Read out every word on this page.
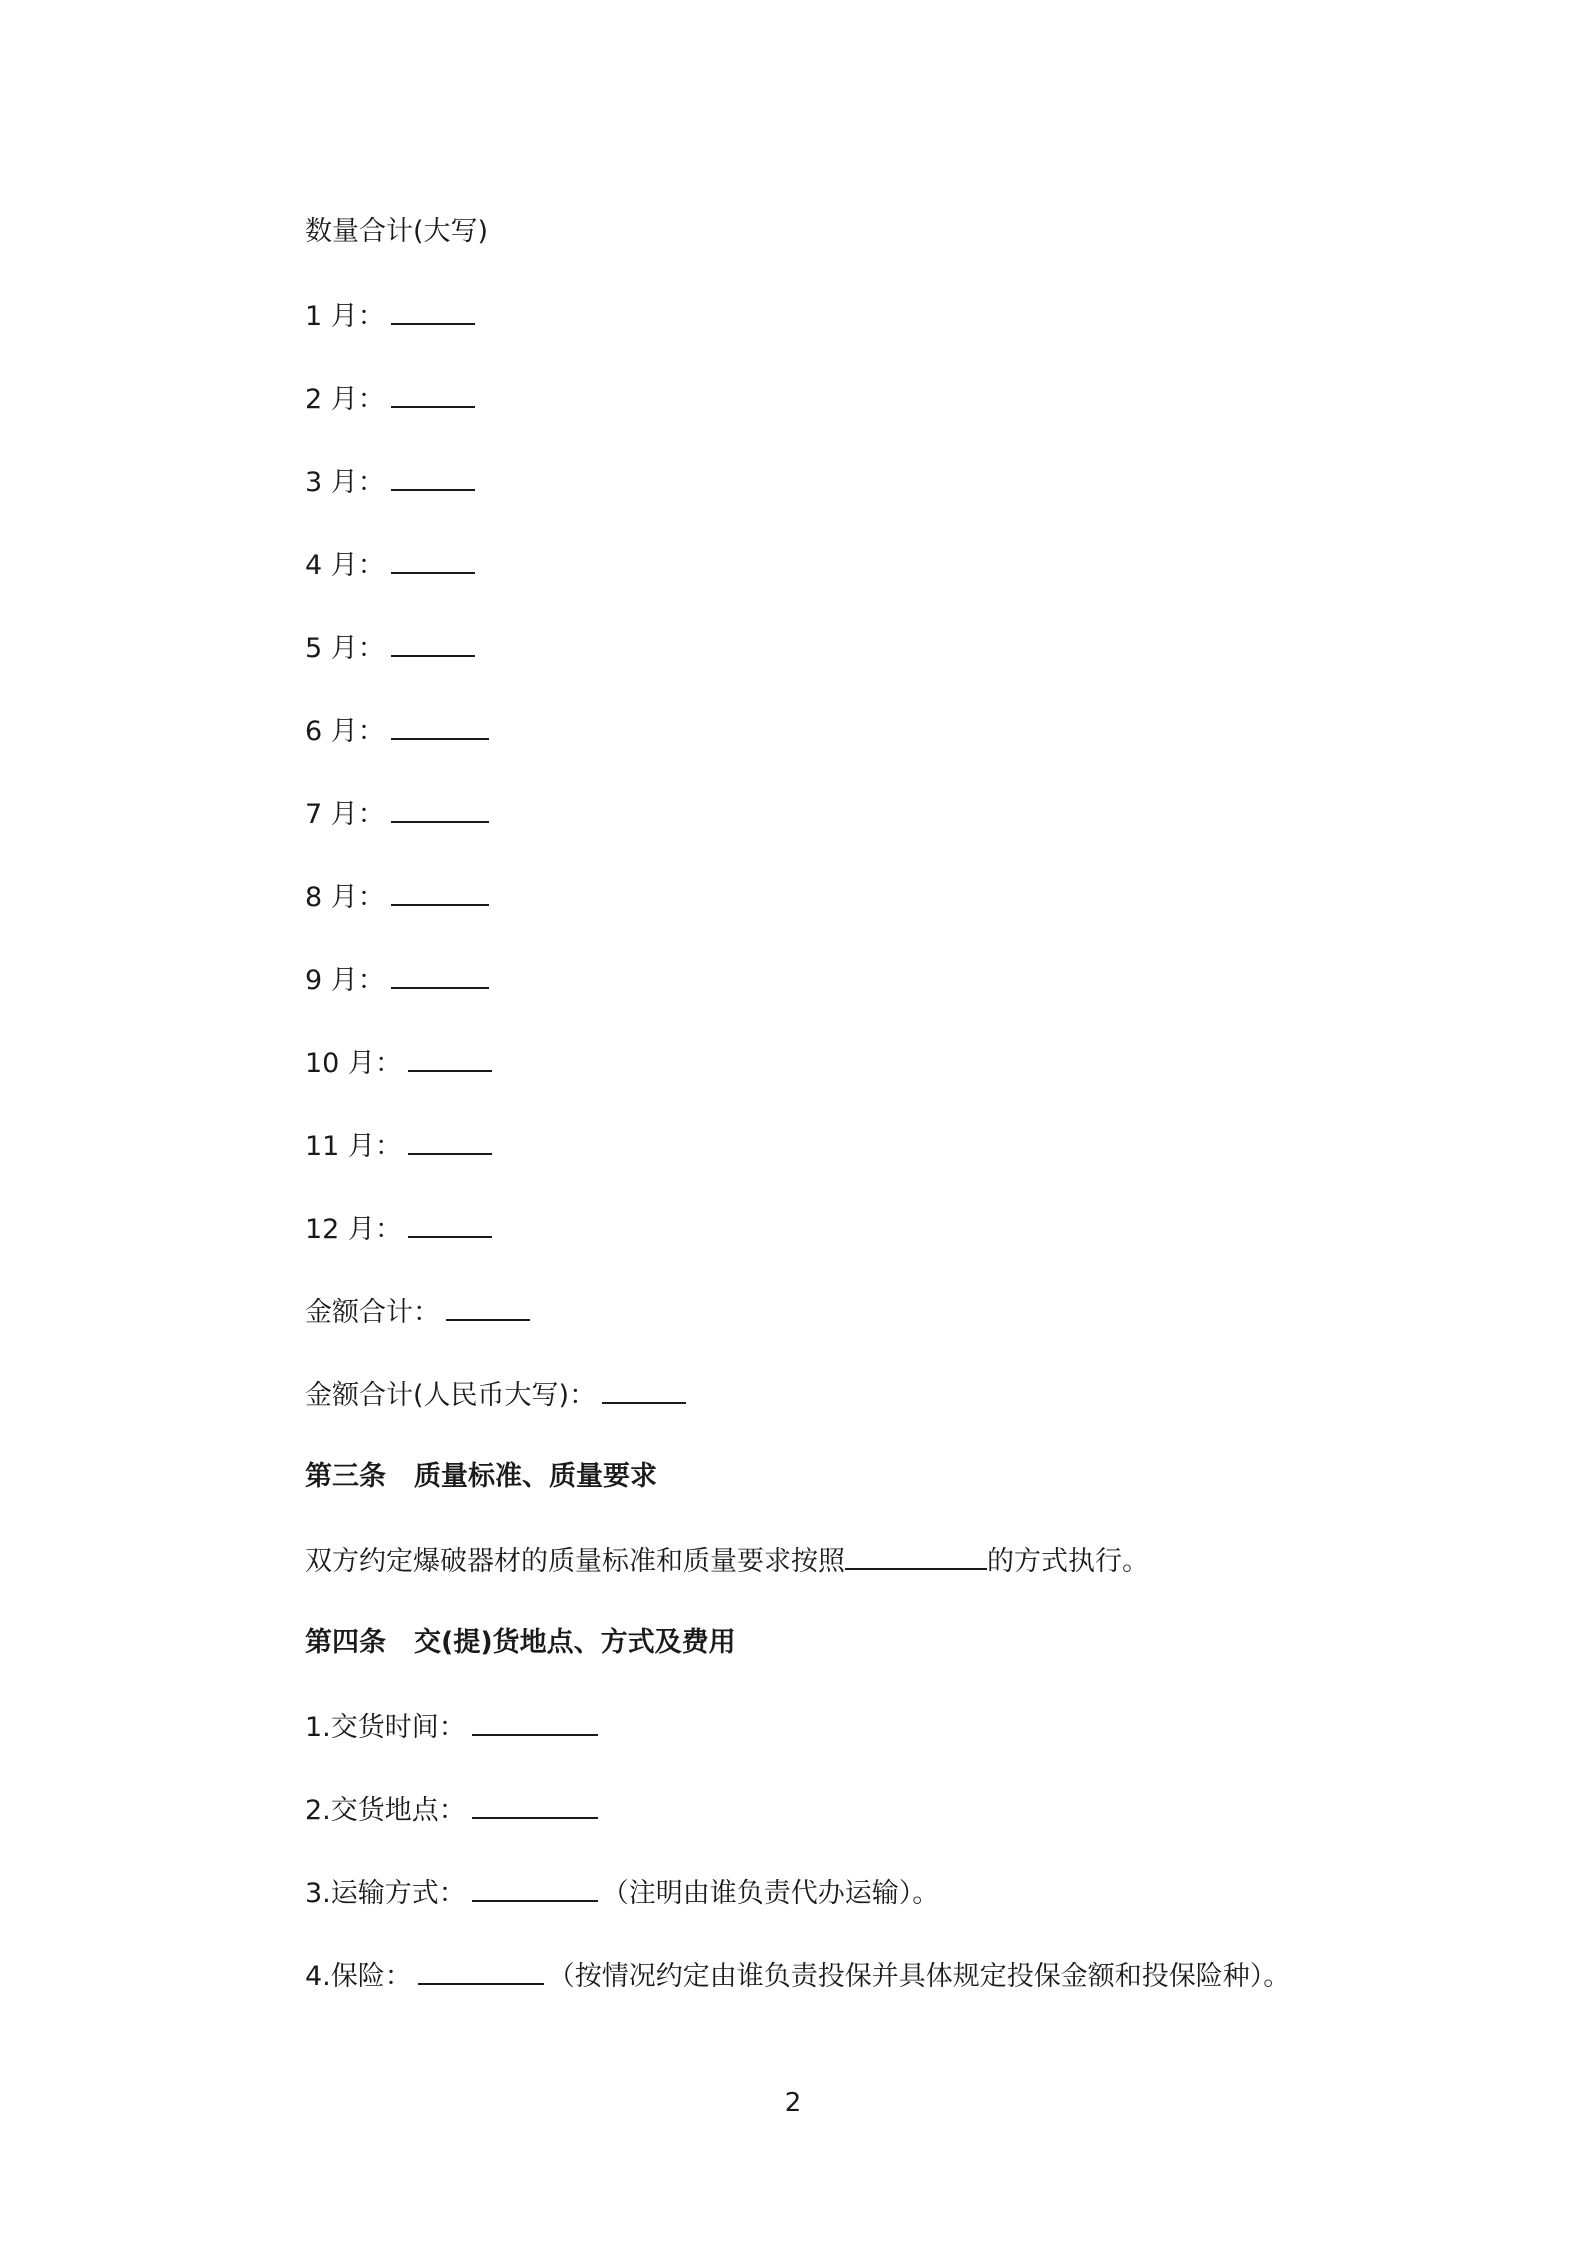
数量合计(大写)
1 月：
2 月：
3 月：
4 月：
5 月：
6 月：
7 月：
8 月：
9 月：
10 月：
11 月：
12 月：
金额合计：
金额合计(人民币大写)：
第三条 质量标准、质量要求
双方约定爆破器材的质量标准和质量要求按照	的方式执行。
第四条 交(提)货地点、方式及费用
1.交货时间：
2.交货地点：
3.运输方式：	（注明由谁负责代办运输）。
4.保险：	（按情况约定由谁负责投保并具体规定投保金额和投保险种）。
2
